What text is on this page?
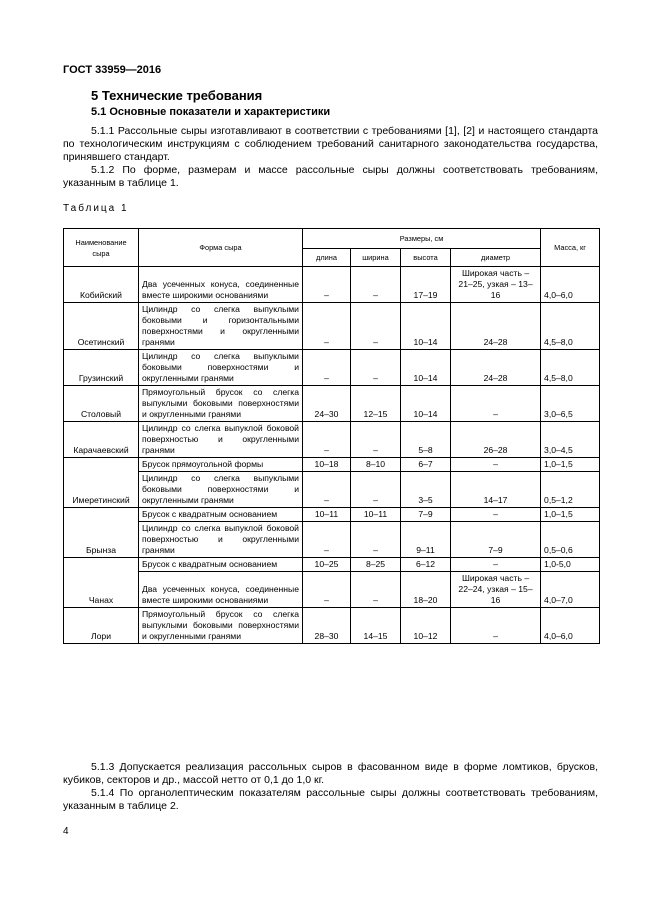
ГОСТ 33959—2016
5 Технические требования
5.1 Основные показатели и характеристики
5.1.1 Рассольные сыры изготавливают в соответствии с требованиями [1], [2] и настоящего стандарта по технологическим инструкциям с соблюдением требований санитарного законодательства государства, принявшего стандарт.
5.1.2 По форме, размерам и массе рассольные сыры должны соответствовать требованиям, указанным в таблице 1.
Таблица 1
Наименование сыра	Форма сыра	Размеры, см				Масса, кг
		длина	ширина	высота	диаметр	
Кобийский	Два усеченных конуса, соединенные вместе широкими основаниями	–	–	17–19	Широкая часть – 21–25, узкая – 13–16	4,0–6,0
Осетинский	Цилиндр со слегка выпуклыми боковыми и горизонтальными поверхностями и округленными гранями	–	–	10–14	24–28	4,5–8,0
Грузинский	Цилиндр со слегка выпуклыми боковыми поверхностями и округленными гранями	–	–	10–14	24–28	4,5–8,0
Столовый	Прямоугольный брусок со слегка выпуклыми боковыми поверхностями и округленными гранями	24–30	12–15	10–14	–	3,0–6,5
Карачаевский	Цилиндр со слегка выпуклой боковой поверхностью и округленными гранями	–	–	5–8	26–28	3,0–4,5
Имеретинский	Брусок прямоугольной формы	10–18	8–10	6–7	–	1,0–1,5
	Цилиндр со слегка выпуклыми боковыми поверхностями и округленными гранями	–	–	3–5	14–17	0,5–1,2
Брынза	Брусок с квадратным основанием	10–11	10–11	7–9	–	1,0–1,5
	Цилиндр со слегка выпуклой боковой поверхностью и округленными гранями	–	–	9–11	7–9	0,5–0,6
Чанах	Брусок с квадратным основанием	10–25	8–25	6–12	–	1,0-5,0
	Два усеченных конуса, соединенные вместе широкими основаниями	–	–	18–20	Широкая часть – 22–24, узкая – 15–16	4,0–7,0
Лори	Прямоугольный брусок со слегка выпуклыми боковыми поверхностями и округленными гранями	28–30	14–15	10–12	–	4,0–6,0
5.1.3 Допускается реализация рассольных сыров в фасованном виде в форме ломтиков, брусков, кубиков, секторов и др., массой нетто от 0,1 до 1,0 кг.
5.1.4 По органолептическим показателям рассольные сыры должны соответствовать требованиям, указанным в таблице 2.
4
